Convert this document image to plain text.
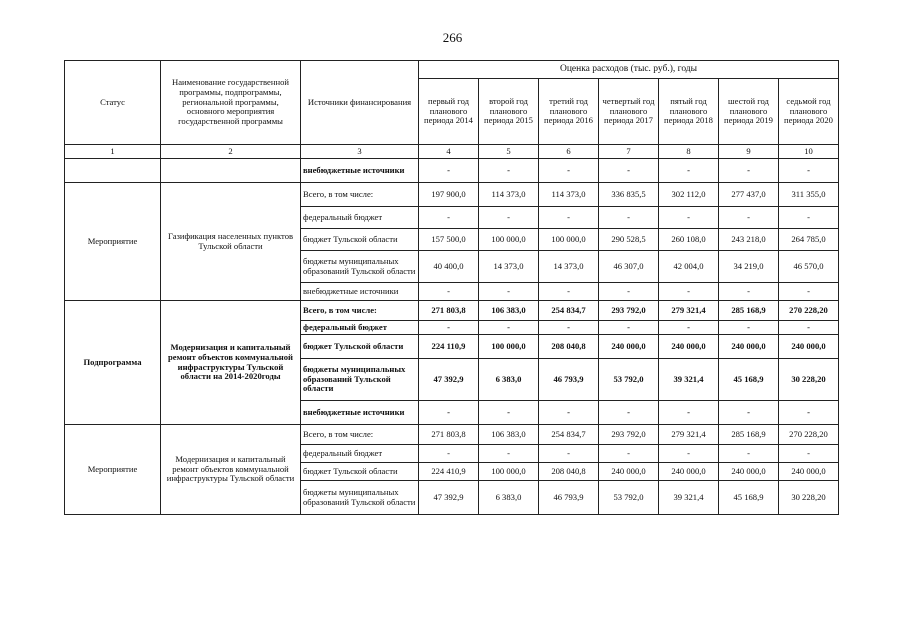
266
Статус	Наименование государственной программы, подпрограммы, региональной программы, основного мероприятия государственной программы	Источники финансирования	Оценка расходов (тыс. руб.), годы						
			первый год планового периода 2014	второй год планового периода 2015	третий год планового периода 2016	четвертый год планового периода 2017	пятый год планового периода 2018	шестой год планового периода 2019	седьмой год планового периода 2020
1	2	3	4	5	6	7	8	9	10
		внебюджетные источники	-	-	-	-	-	-	-
Мероприятие	Газификация населенных пунктов Тульской области	Всего, в том числе:	197 900,0	114 373,0	114 373,0	336 835,5	302 112,0	277 437,0	311 355,0
		федеральный бюджет	-	-	-	-	-	-	-
		бюджет Тульской области	157 500,0	100 000,0	100 000,0	290 528,5	260 108,0	243 218,0	264 785,0
		бюджеты муниципальных образований Тульской области	40 400,0	14 373,0	14 373,0	46 307,0	42 004,0	34 219,0	46 570,0
		внебюджетные источники	-	-	-	-	-	-	-
Подпрограмма	Модернизация и капитальный ремонт объектов коммунальной инфраструктуры Тульской области на 2014-2020годы	Всего, в том числе:	271 803,8	106 383,0	254 834,7	293 792,0	279 321,4	285 168,9	270 228,20
		федеральный бюджет	-	-	-	-	-	-	-
		бюджет Тульской области	224 110,9	100 000,0	208 040,8	240 000,0	240 000,0	240 000,0	240 000,0
		бюджеты муниципальных образований Тульской области	47 392,9	6 383,0	46 793,9	53 792,0	39 321,4	45 168,9	30 228,20
		внебюджетные источники	-	-	-	-	-	-	-
Мероприятие	Модернизация и капитальный ремонт объектов коммунальной инфраструктуры Тульской области	Всего, в том числе:	271 803,8	106 383,0	254 834,7	293 792,0	279 321,4	285 168,9	270 228,20
		федеральный бюджет	-	-	-	-	-	-	-
		бюджет Тульской области	224 410,9	100 000,0	208 040,8	240 000,0	240 000,0	240 000,0	240 000,0
		бюджеты муниципальных образований Тульской области	47 392,9	6 383,0	46 793,9	53 792,0	39 321,4	45 168,9	30 228,20
